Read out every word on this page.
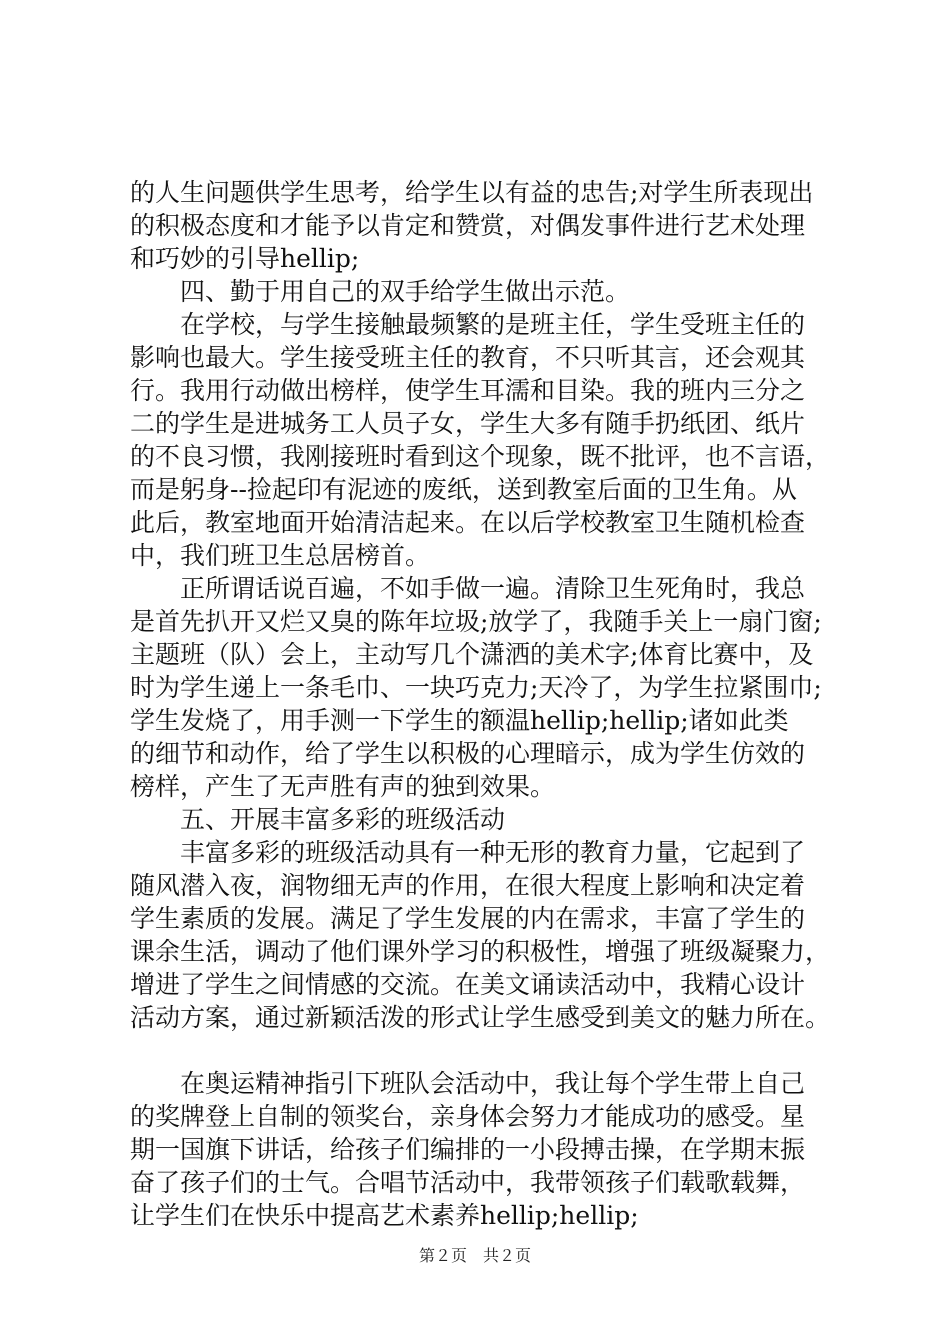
的人生问题供学生思考，给学生以有益的忠告;对学生所表现出
的积极态度和才能予以肯定和赞赏，对偶发事件进行艺术处理
和巧妙的引导hellip;
　　四、勤于用自己的双手给学生做出示范。
　　在学校，与学生接触最频繁的是班主任，学生受班主任的
影响也最大。学生接受班主任的教育，不只听其言，还会观其
行。我用行动做出榜样，使学生耳濡和目染。我的班内三分之
二的学生是进城务工人员子女，学生大多有随手扔纸团、纸片
的不良习惯，我刚接班时看到这个现象，既不批评，也不言语，
而是躬身--捡起印有泥迹的废纸，送到教室后面的卫生角。从
此后，教室地面开始清洁起来。在以后学校教室卫生随机检查
中，我们班卫生总居榜首。
　　正所谓话说百遍，不如手做一遍。清除卫生死角时，我总
是首先扒开又烂又臭的陈年垃圾;放学了，我随手关上一扇门窗;
主题班（队）会上，主动写几个潇洒的美术字;体育比赛中，及
时为学生递上一条毛巾、一块巧克力;天冷了，为学生拉紧围巾;
学生发烧了，用手测一下学生的额温hellip;hellip;诸如此类
的细节和动作，给了学生以积极的心理暗示，成为学生仿效的
榜样，产生了无声胜有声的独到效果。
　　五、开展丰富多彩的班级活动
　　丰富多彩的班级活动具有一种无形的教育力量，它起到了
随风潜入夜，润物细无声的作用，在很大程度上影响和决定着
学生素质的发展。满足了学生发展的内在需求，丰富了学生的
课余生活，调动了他们课外学习的积极性，增强了班级凝聚力，
增进了学生之间情感的交流。在美文诵读活动中，我精心设计
活动方案，通过新颖活泼的形式让学生感受到美文的魅力所在。
　　在奥运精神指引下班队会活动中，我让每个学生带上自己
的奖牌登上自制的领奖台，亲身体会努力才能成功的感受。星
期一国旗下讲话，给孩子们编排的一小段搏击操，在学期末振
奋了孩子们的士气。合唱节活动中，我带领孩子们载歌载舞，
让学生们在快乐中提高艺术素养hellip;hellip;
第２页　共２页
